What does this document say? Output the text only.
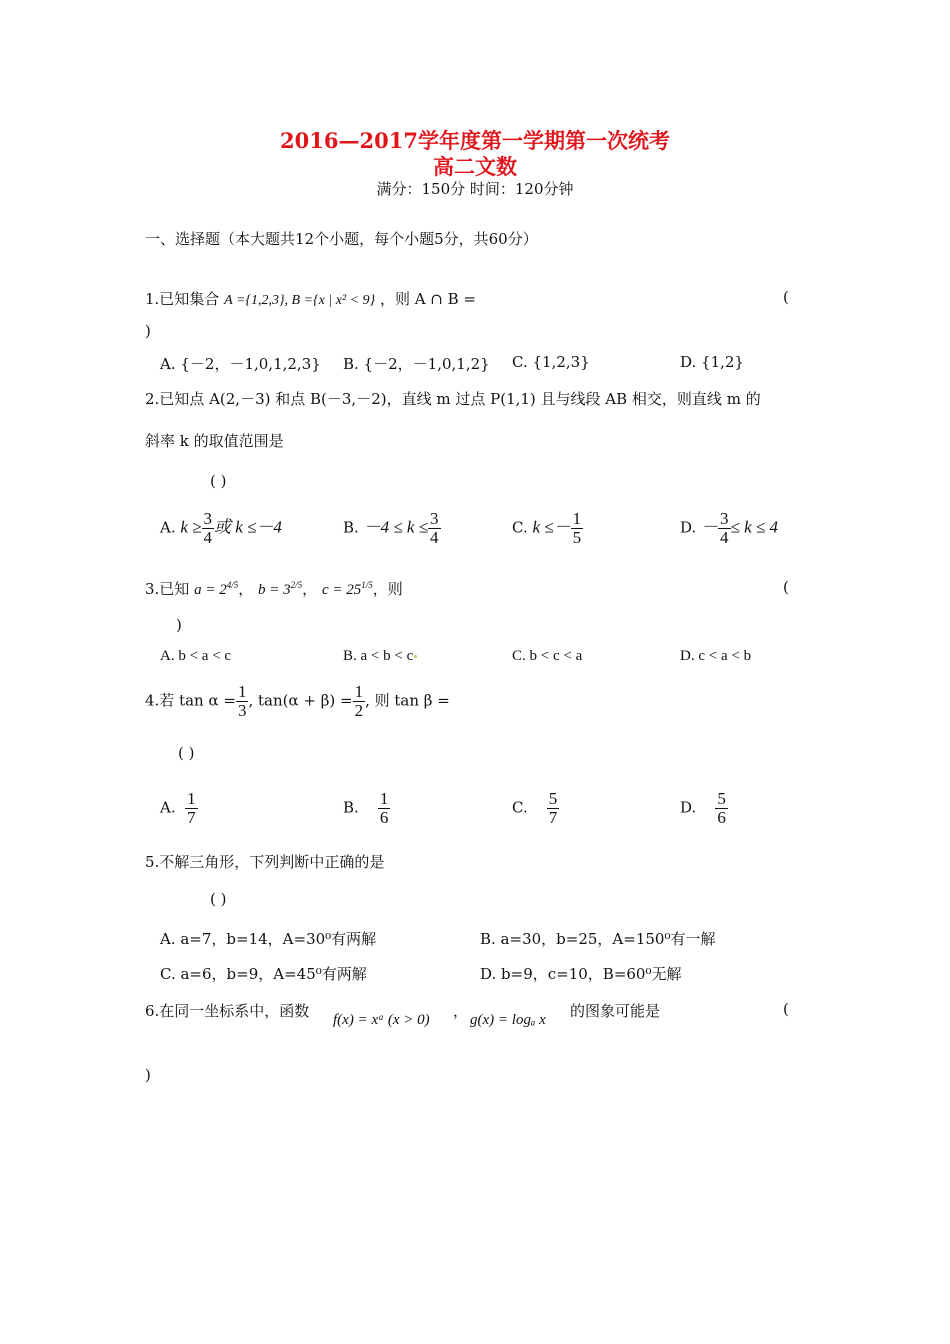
2016—2017学年度第一学期第一次统考
高二文数
满分：150分 时间：120分钟
一、选择题（本大题共12个小题，每个小题5分，共60分）
1.已知集合 A ={1,2,3}, B ={x | x² < 9} ，则 A ∩ B =	(
)
A. {－2，－1,0,1,2,3} B. {－2，－1,0,1,2} C. {1,2,3}	D. {1,2}
2.已知点 A(2,－3) 和点 B(－3,－2)，直线 m 过点 P(1,1) 且与线段 AB 相交，则直线 m 的
斜率 k 的取值范围是
( )
A. $k \ge \frac{3}{4}$ 或 k ≤－4	B. $-4 \le k \le \frac{3}{4}$	C. $k \le- \frac{1}{5}$	D. － $\frac{3}{4} \le k \le 4$
3.已知 $a = 2^{4/5}$， $b = 3^{2/5}$， $c = 25^{1/5}$，则	(
)
A. b < a < c	B. a < b < c	C. b < c < a	D. c < a < b
4.若 $\tan \alpha = \frac{1}{3}$ , $\tan(\alpha + \beta) = \frac{1}{2}$ , 则 tan β =
( )
A. $\frac{1}{7}$	B. $\frac{1}{6}$	C. $\frac{5}{7}$	D. $\frac{5}{6}$
5.不解三角形，下列判断中正确的是
( )
A. a=7，b=14，A=30⁰有两解	B. a=30，b=25，A=150⁰有一解
C. a=6，b=9，A=45⁰有两解	D. b=9，c=10，B=60⁰无解
6.在同一坐标系中，函数 f(x) = xᵃ (x > 0) ， g(x) = logₐ x 的图象可能是	(
)
